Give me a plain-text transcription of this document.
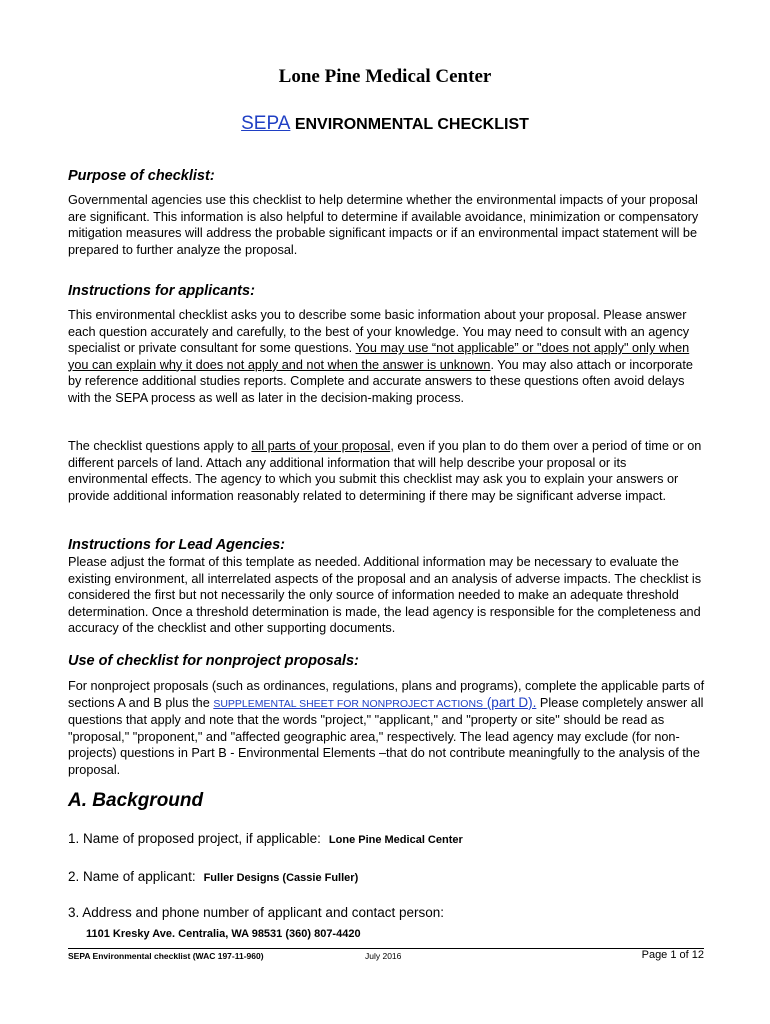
Lone Pine Medical Center
SEPA ENVIRONMENTAL CHECKLIST
Purpose of checklist:

Governmental agencies use this checklist to help determine whether the environmental impacts of your proposal are significant. This information is also helpful to determine if available avoidance, minimization or compensatory mitigation measures will address the probable significant impacts or if an environmental impact statement will be prepared to further analyze the proposal.

Instructions for applicants:

This environmental checklist asks you to describe some basic information about your proposal. Please answer each question accurately and carefully, to the best of your knowledge. You may need to consult with an agency specialist or private consultant for some questions. You may use “not applicable” or "does not apply" only when you can explain why it does not apply and not when the answer is unknown. You may also attach or incorporate by reference additional studies reports. Complete and accurate answers to these questions often avoid delays with the SEPA process as well as later in the decision-making process.

The checklist questions apply to all parts of your proposal, even if you plan to do them over a period of time or on different parcels of land. Attach any additional information that will help describe your proposal or its environmental effects. The agency to which you submit this checklist may ask you to explain your answers or provide additional information reasonably related to determining if there may be significant adverse impact.

Instructions for Lead Agencies:

Please adjust the format of this template as needed. Additional information may be necessary to evaluate the existing environment, all interrelated aspects of the proposal and an analysis of adverse impacts. The checklist is considered the first but not necessarily the only source of information needed to make an adequate threshold determination. Once a threshold determination is made, the lead agency is responsible for the completeness and accuracy of the checklist and other supporting documents.

Use of checklist for nonproject proposals:

For nonproject proposals (such as ordinances, regulations, plans and programs), complete the applicable parts of sections A and B plus the SUPPLEMENTAL SHEET FOR NONPROJECT ACTIONS (part D). Please completely answer all questions that apply and note that the words "project," "applicant," and "property or site" should be read as "proposal," "proponent," and "affected geographic area," respectively. The lead agency may exclude (for non-projects) questions in Part B - Environmental Elements –that do not contribute meaningfully to the analysis of the proposal.

A. Background
1. Name of proposed project, if applicable: Lone Pine Medical Center
2. Name of applicant: Fuller Designs (Cassie Fuller)
3. Address and phone number of applicant and contact person:
1101 Kresky Ave. Centralia, WA 98531 (360) 807-4420
SEPA Environmental checklist (WAC 197-11-960)	July 2016	Page 1 of 12
